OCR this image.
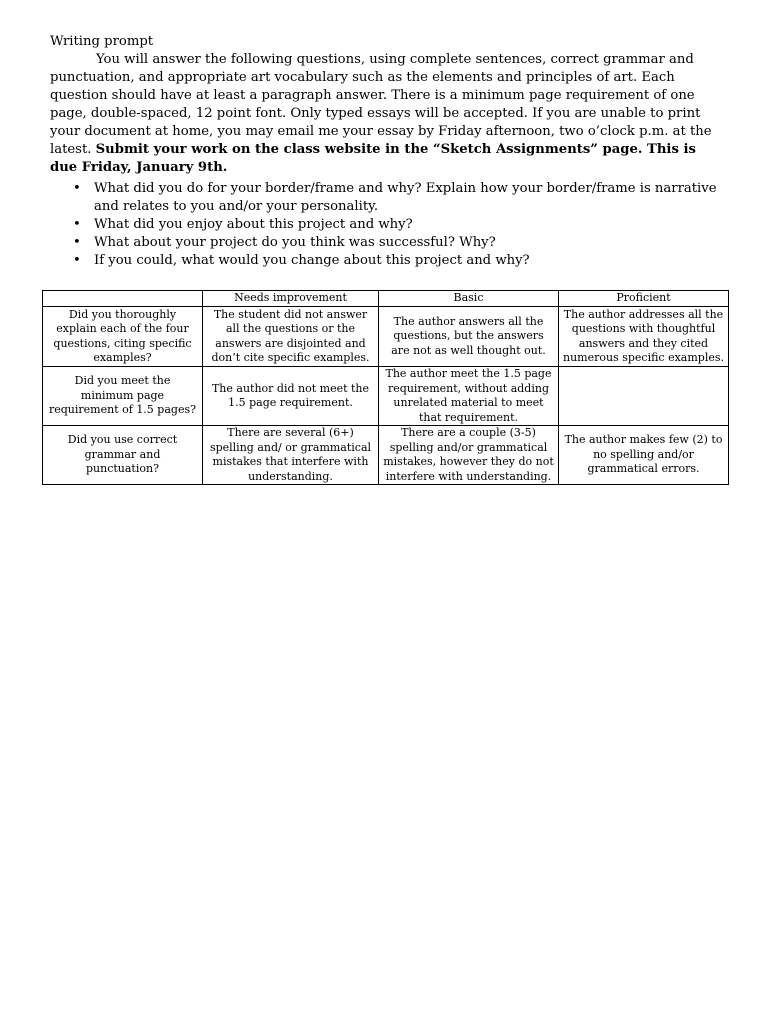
Writing prompt

You will answer the following questions, using complete sentences, correct grammar and punctuation, and appropriate art vocabulary such as the elements and principles of art. Each question should have at least a paragraph answer. There is a minimum page requirement of one page, double-spaced, 12 point font. Only typed essays will be accepted. If you are unable to print your document at home, you may email me your essay by Friday afternoon, two o’clock p.m. at the latest. Submit your work on the class website in the “Sketch Assignments” page. This is due Friday, January 9th.

• What did you do for your border/frame and why? Explain how your border/frame is narrative and relates to you and/or your personality.
• What did you enjoy about this project and why?
• What about your project do you think was successful? Why?
• If you could, what would you change about this project and why?
	Needs improvement	Basic	Proficient
Did you thoroughly explain each of the four questions, citing specific examples?	The student did not answer all the questions or the answers are disjointed and don’t cite specific examples.	The author answers all the questions, but the answers are not as well thought out.	The author addresses all the questions with thoughtful answers and they cited numerous specific examples.
Did you meet the minimum page requirement of 1.5 pages?	The author did not meet the 1.5 page requirement.	The author meet the 1.5 page requirement, without adding unrelated material to meet that requirement.	
Did you use correct grammar and punctuation?	There are several (6+) spelling and/ or grammatical mistakes that interfere with understanding.	There are a couple (3-5) spelling and/or grammatical mistakes, however they do not interfere with understanding.	The author makes few (2) to no spelling and/or grammatical errors.
